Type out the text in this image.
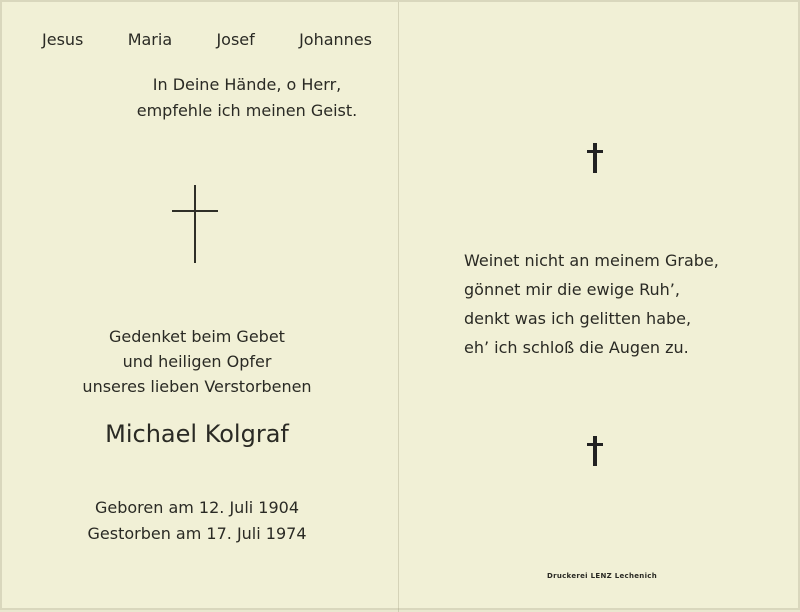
Jesus	Maria	Josef	Johannes
In Deine Hände, o Herr,
empfehle ich meinen Geist.
Gedenket beim Gebet
und heiligen Opfer
unseres lieben Verstorbenen
Michael Kolgraf
Geboren am 12. Juli 1904
Gestorben am 17. Juli 1974
Weinet nicht an meinem Grabe,
gönnet mir die ewige Ruh’,
denkt was ich gelitten habe,
eh’ ich schloß die Augen zu.
Druckerei LENZ Lechenich
